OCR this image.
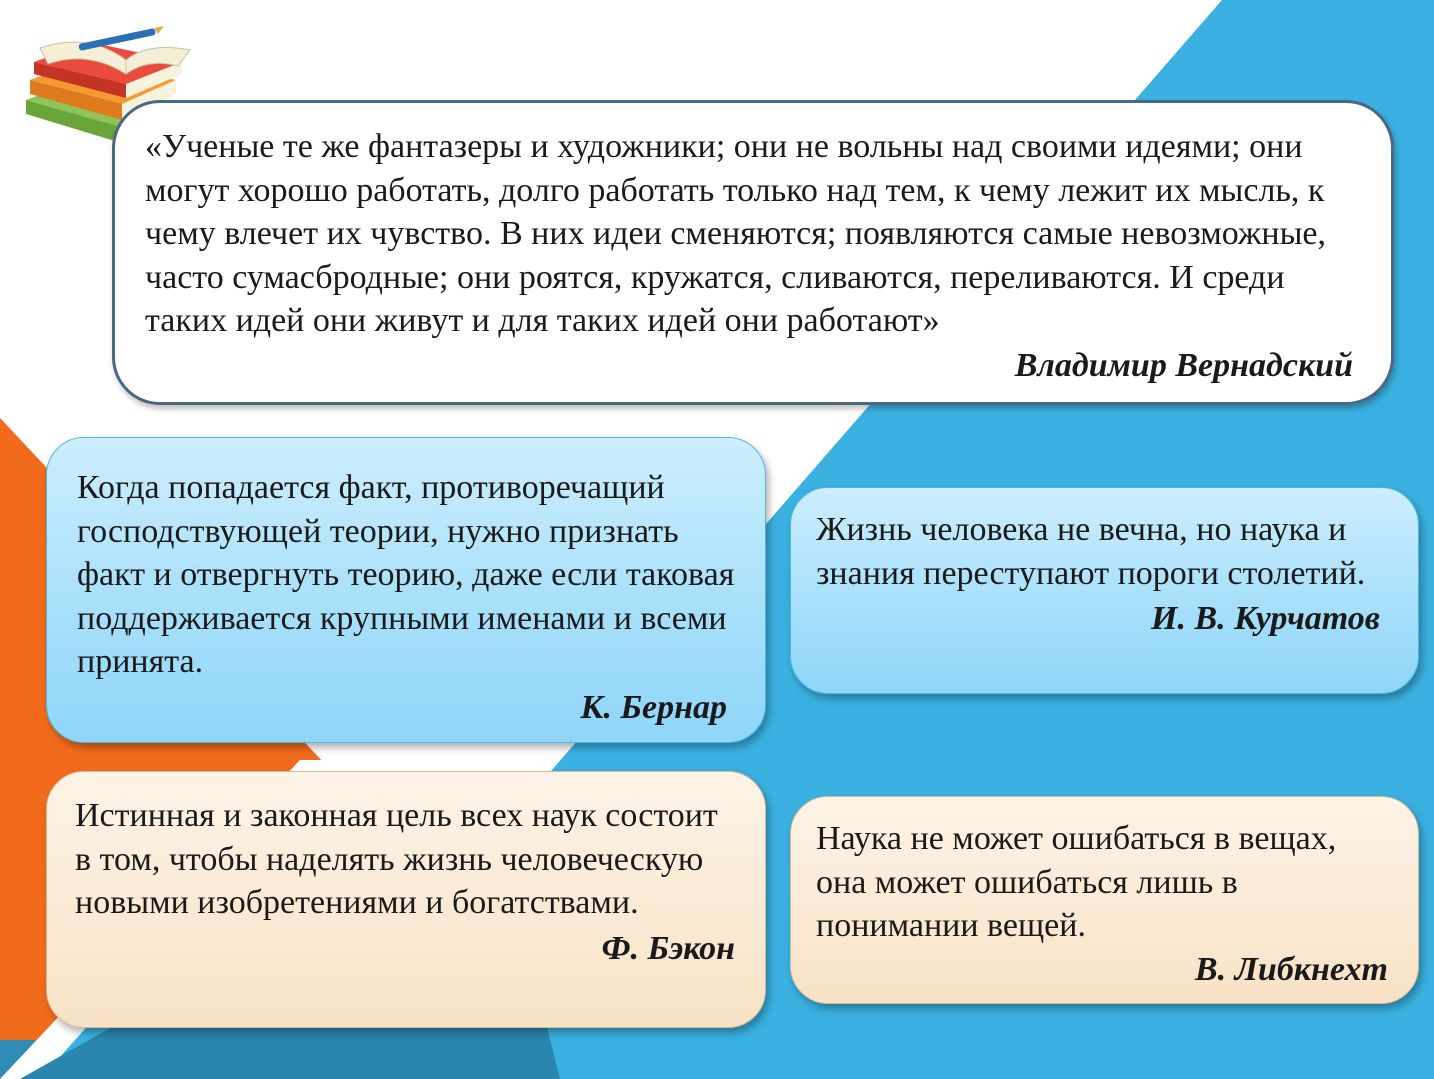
«Ученые те же фантазеры и художники; они не вольны над своими идеями; они могут хорошо работать, долго работать только над тем, к чему лежит их мысль, к чему влечет их чувство. В них идеи сменяются; появляются самые невозможные, часто сумасбродные; они роятся, кружатся, сливаются, переливаются. И среди таких идей они живут и для таких идей они работают»

Владимир Вернадский

Когда попадается факт, противоречащий господствующей теории, нужно признать факт и отвергнуть теорию, даже если таковая поддерживается крупными именами и всеми принята.

К. Бернар

Жизнь человека не вечна, но наука и знания переступают пороги столетий.

И. В. Курчатов

Истинная и законная цель всех наук состоит в том, чтобы наделять жизнь человеческую новыми изобретениями и богатствами.

Ф. Бэкон

Наука не может ошибаться в вещах, она может ошибаться лишь в понимании вещей.

В. Либкнехт
